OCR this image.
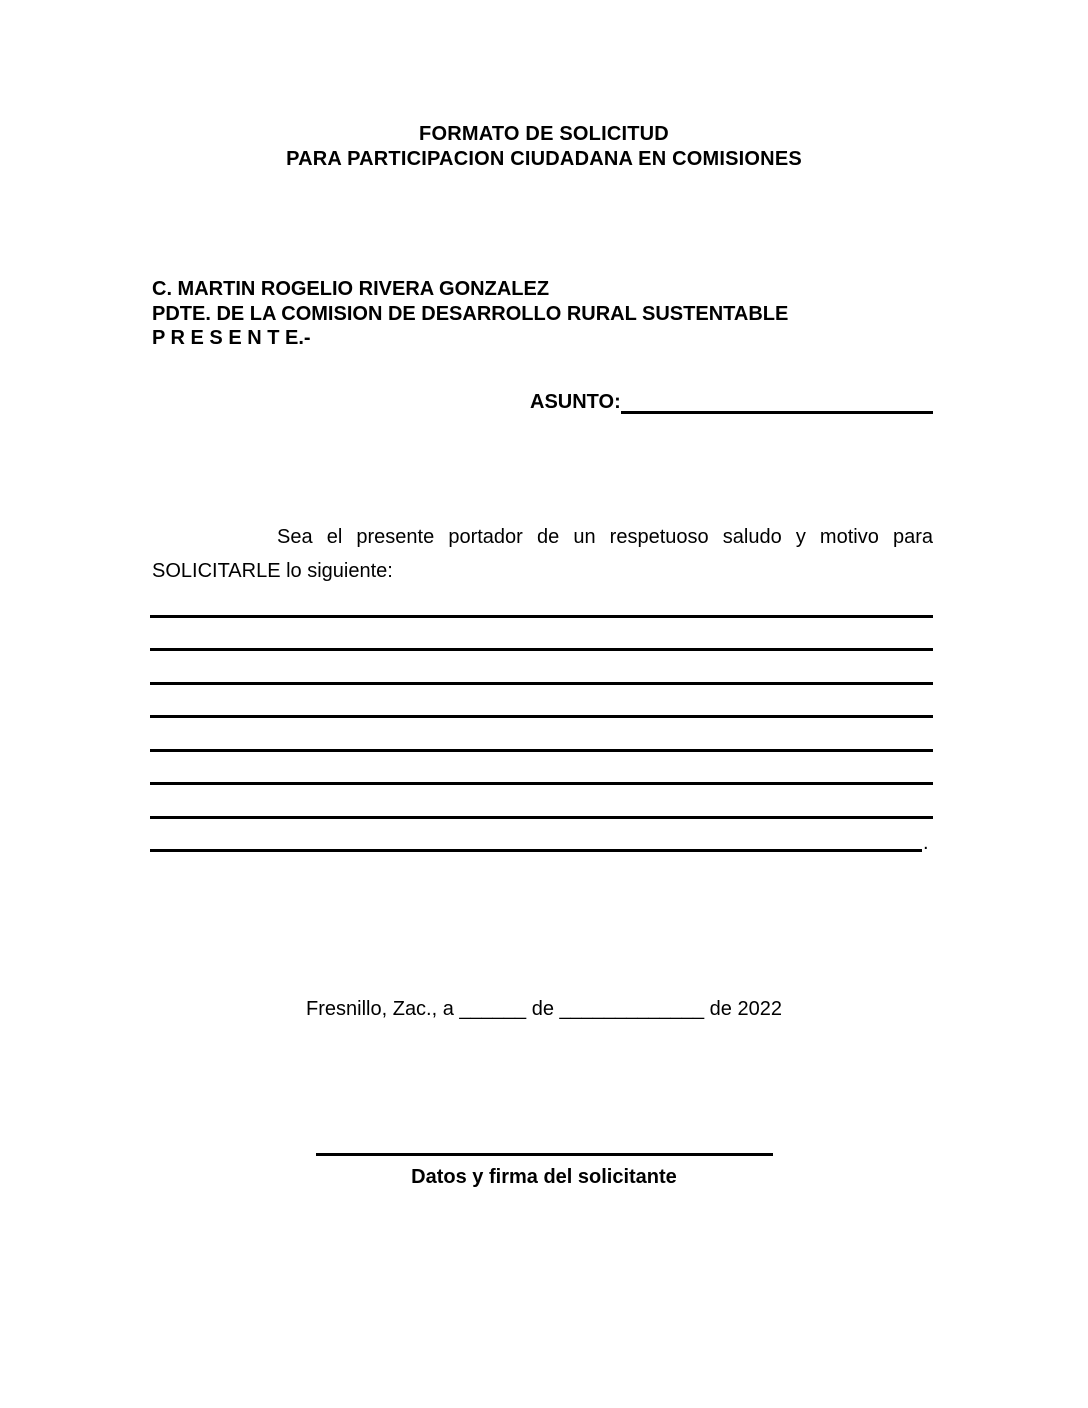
FORMATO DE SOLICITUD
PARA PARTICIPACION CIUDADANA EN COMISIONES
C. MARTIN ROGELIO RIVERA GONZALEZ
PDTE. DE LA COMISION DE DESARROLLO RURAL SUSTENTABLE
P R E S E N T E.-
ASUNTO:

Sea el presente portador de un respetuoso saludo y motivo para SOLICITARLE lo siguiente:

.
Fresnillo, Zac., a ______ de _____________ de 2022
Datos y firma del solicitante
